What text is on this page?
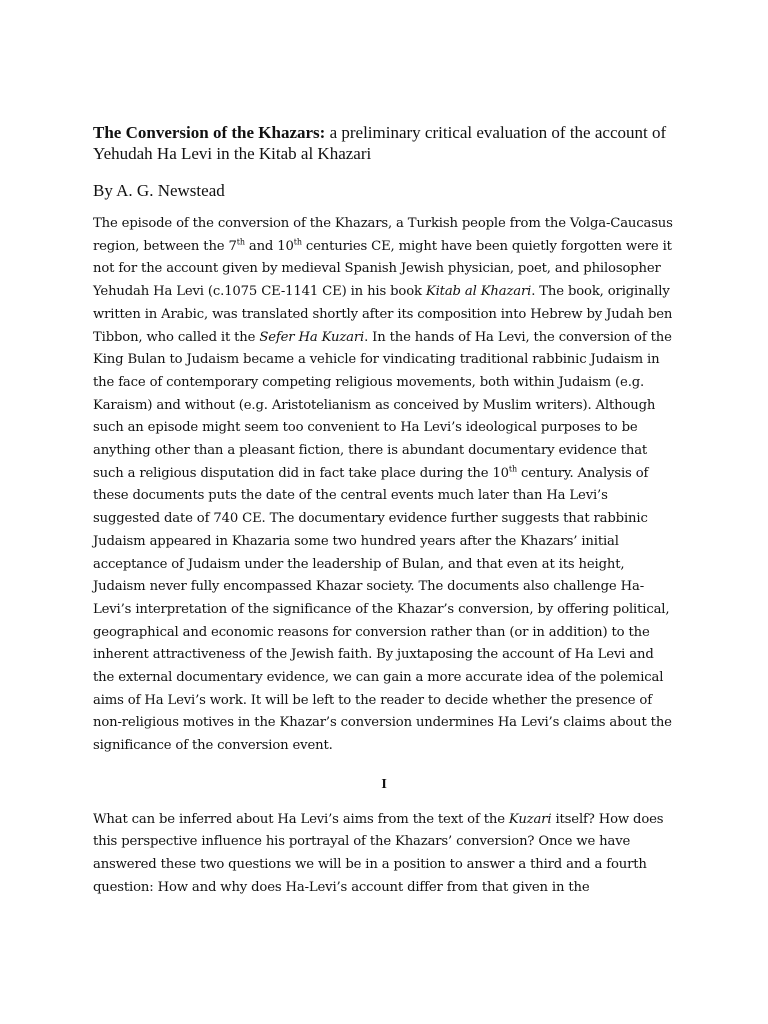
The Conversion of the Khazars: a preliminary critical evaluation of the account of Yehudah Ha Levi in the Kitab al Khazari
By A. G. Newstead

The episode of the conversion of the Khazars, a Turkish people from the Volga-Caucasus region, between the 7th and 10th centuries CE, might have been quietly forgotten were it not for the account given by medieval Spanish Jewish physician, poet, and philosopher Yehudah Ha Levi (c.1075 CE-1141 CE) in his book Kitab al Khazari. The book, originally written in Arabic, was translated shortly after its composition into Hebrew by Judah ben Tibbon, who called it the Sefer Ha Kuzari. In the hands of Ha Levi, the conversion of the King Bulan to Judaism became a vehicle for vindicating traditional rabbinic Judaism in the face of contemporary competing religious movements, both within Judaism (e.g. Karaism) and without (e.g. Aristotelianism as conceived by Muslim writers). Although such an episode might seem too convenient to Ha Levi’s ideological purposes to be anything other than a pleasant fiction, there is abundant documentary evidence that such a religious disputation did in fact take place during the 10th century. Analysis of these documents puts the date of the central events much later than Ha Levi’s suggested date of 740 CE. The documentary evidence further suggests that rabbinic Judaism appeared in Khazaria some two hundred years after the Khazars’ initial acceptance of Judaism under the leadership of Bulan, and that even at its height, Judaism never fully encompassed Khazar society. The documents also challenge Ha-Levi’s interpretation of the significance of the Khazar’s conversion, by offering political, geographical and economic reasons for conversion rather than (or in addition) to the inherent attractiveness of the Jewish faith. By juxtaposing the account of Ha Levi and the external documentary evidence, we can gain a more accurate idea of the polemical aims of Ha Levi’s work. It will be left to the reader to decide whether the presence of non-religious motives in the Khazar’s conversion undermines Ha Levi’s claims about the significance of the conversion event.

I

What can be inferred about Ha Levi’s aims from the text of the Kuzari itself? How does this perspective influence his portrayal of the Khazars’ conversion? Once we have answered these two questions we will be in a position to answer a third and a fourth question: How and why does Ha-Levi’s account differ from that given in the
